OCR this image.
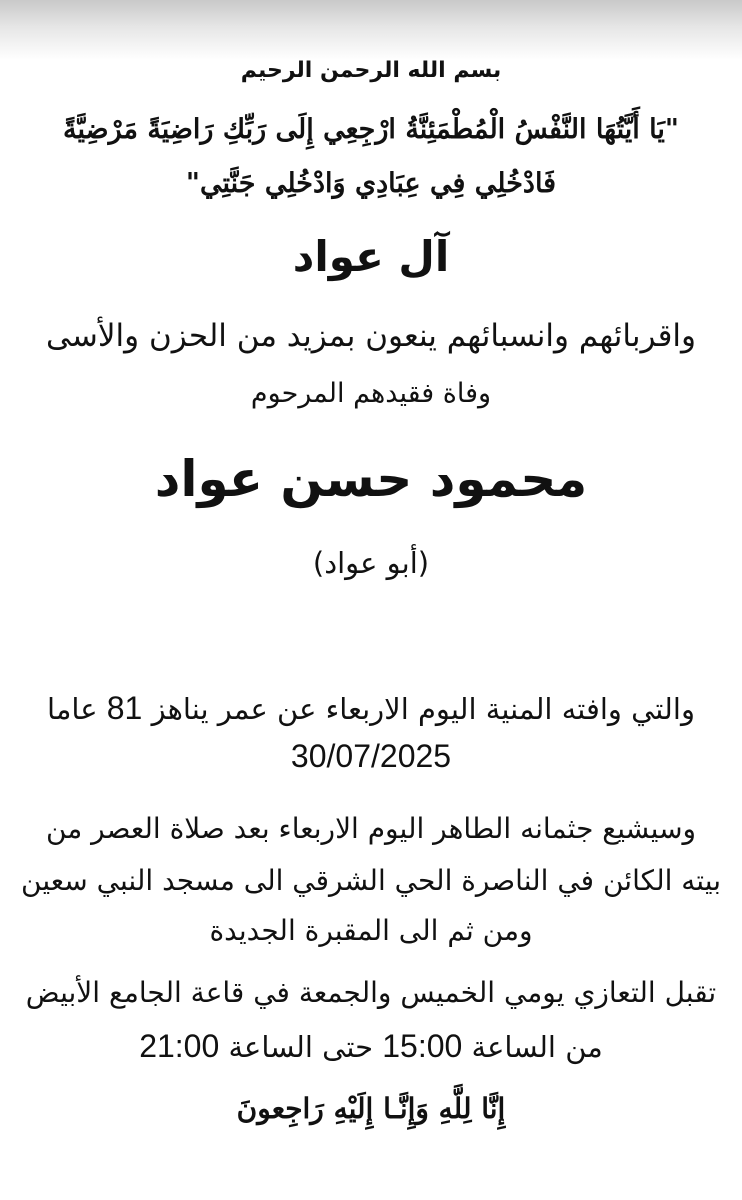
بسم الله الرحمن الرحيم
"يَا أَيَّتُهَا النَّفْسُ الْمُطْمَئِنَّةُ ارْجِعِي إِلَى رَبِّكِ رَاضِيَةً مَرْضِيَّةً
فَادْخُلِي فِي عِبَادِي وَادْخُلِي جَنَّتِي"
آل عواد
واقربائهم وانسبائهم ينعون بمزيد من الحزن والأسى
وفاة فقيدهم المرحوم
محمود حسن عواد
(أبو عواد)
والتي وافته المنية اليوم الاربعاء عن عمر يناهز 81 عاما
30/07/2025
وسيشيع جثمانه الطاهر اليوم الاربعاء بعد صلاة العصر من
بيته الكائن في الناصرة الحي الشرقي الى مسجد النبي سعين
ومن ثم الى المقبرة الجديدة
تقبل التعازي يومي الخميس والجمعة في قاعة الجامع الأبيض
من الساعة 15:00 حتى الساعة 21:00
إِنَّا لِلَّهِ وَإِنَّـا إِلَيْهِ رَاجِعونَ
